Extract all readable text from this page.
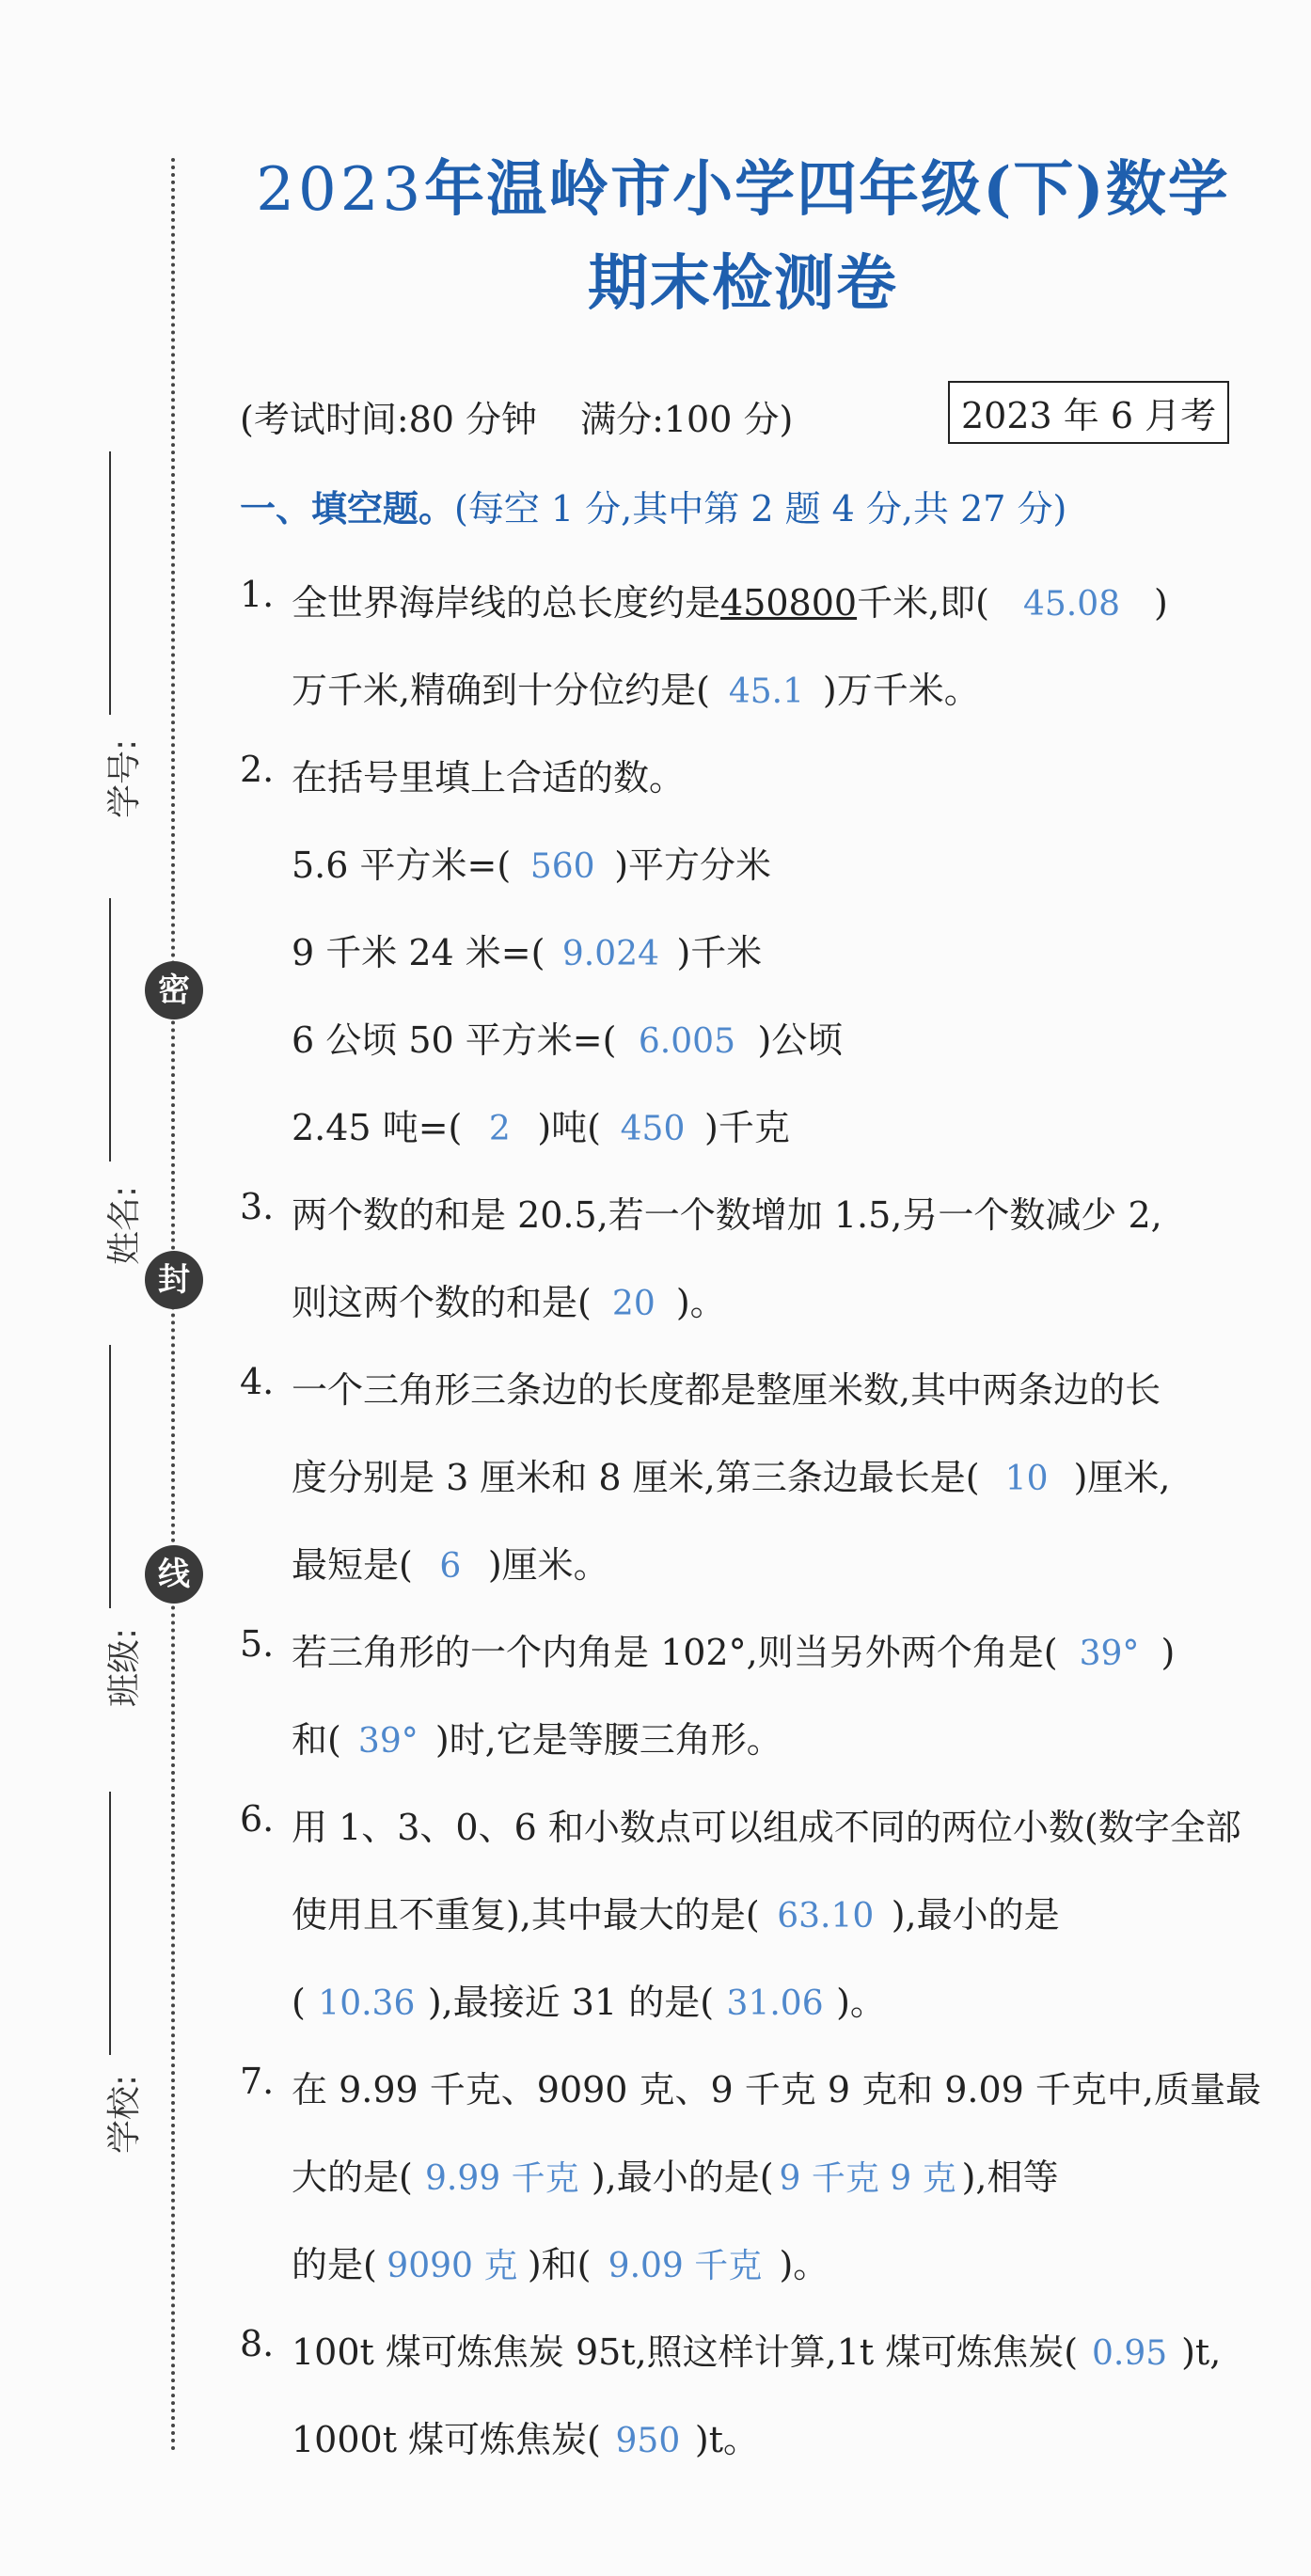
密
封
线
学号:
姓名:
班级:
学校:
2023年温岭市小学四年级(下)数学
期末检测卷
(考试时间:80 分钟 满分:100 分)	2023 年 6 月考
一、填空题。(每空 1 分,其中第 2 题 4 分,共 27 分)
1. 全世界海岸线的总长度约是450800千米,即( 45.08 )
万千米,精确到十分位约是( 45.1 )万千米。
2. 在括号里填上合适的数。
5.6 平方米=( 560 )平方分米
9 千米 24 米=( 9.024 )千米
6 公顷 50 平方米=( 6.005 )公顷
2.45 吨=( 2 )吨( 450 )千克
3. 两个数的和是 20.5,若一个数增加 1.5,另一个数减少 2,
则这两个数的和是( 20 )。
4. 一个三角形三条边的长度都是整厘米数,其中两条边的长
度分别是 3 厘米和 8 厘米,第三条边最长是( 10 )厘米,
最短是( 6 )厘米。
5. 若三角形的一个内角是 102°,则当另外两个角是( 39° )
和( 39° )时,它是等腰三角形。
6. 用 1、3、0、6 和小数点可以组成不同的两位小数(数字全部
使用且不重复),其中最大的是( 63.10 ),最小的是
( 10.36 ),最接近 31 的是( 31.06 )。
7. 在 9.99 千克、9090 克、9 千克 9 克和 9.09 千克中,质量最
大的是( 9.99 千克 ),最小的是( 9 千克 9 克 ),相等
的是( 9090 克 )和( 9.09 千克 )。
8. 100t 煤可炼焦炭 95t,照这样计算,1t 煤可炼焦炭( 0.95 )t,
1000t 煤可炼焦炭( 950 )t。
